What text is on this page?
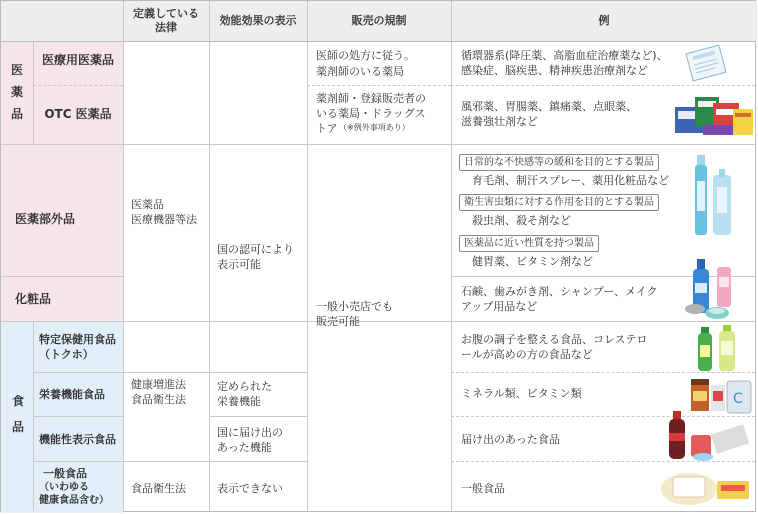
定義している
法律
効能効果の表示	販売の規制	例
医
薬
品
医療用医薬品
OTC 医薬品
医薬部外品
化粧品
食

品
特定保健用食品
（トクホ）
栄養機能食品
機能性表示食品
一般食品
（いわゆる
健康食品含む）
医薬品
医療機器等法
健康増進法
食品衛生法
食品衛生法
国の認可により
表示可能
定められた
栄養機能
国に届け出の
あった機能
表示できない
医師の処方に従う。
薬剤師のいる薬局
薬剤師・登録販売者の
いる薬局・ドラッグス
トア （※例外事項あり）
一般小売店でも
販売可能
循環器系(降圧薬、高脂血症治療薬など)、
感染症、脳疾患、精神疾患治療剤など
風邪薬、胃腸薬、鎮痛薬、点眼薬、
滋養強壮剤など
日常的な不快感等の緩和を目的とする製品
育毛剤、制汗スプレー、薬用化粧品など
衛生害虫類に対する作用を目的とする製品
殺虫剤、殺そ剤など
医薬品に近い性質を持つ製品
健胃薬、ビタミン剤など
石鹸、歯みがき剤、シャンプー、メイク
アップ用品など
お腹の調子を整える食品、コレステロ
ールが高めの方の食品など
ミネラル類、ビタミン類
届け出のあった食品
一般食品
C
